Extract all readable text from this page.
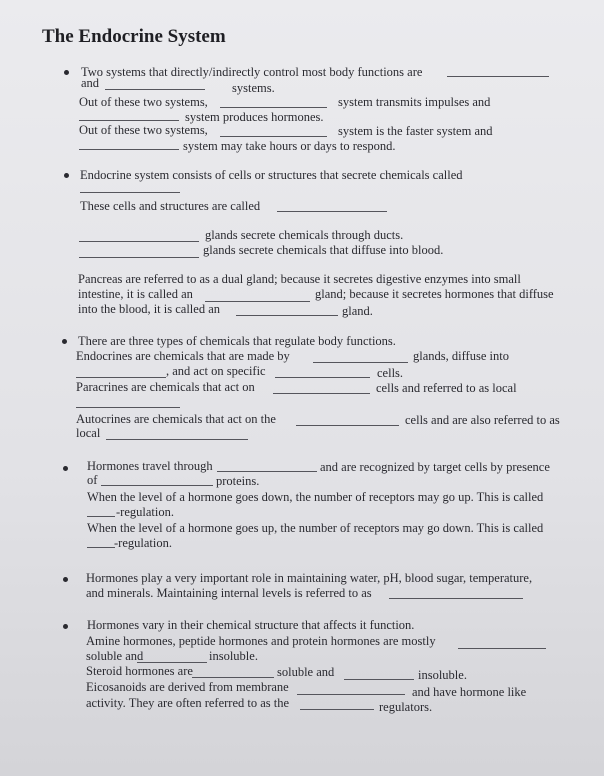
The Endocrine System
Two systems that directly/indirectly control most body functions are
and	systems.
Out of these two systems,	system transmits impulses and
system produces hormones.
Out of these two systems,	system is the faster system and
system may take hours or days to respond.
Endocrine system consists of cells or structures that secrete chemicals called
These cells and structures are called
glands secrete chemicals through ducts.
glands secrete chemicals that diffuse into blood.
Pancreas are referred to as a dual gland; because it secretes digestive enzymes into small
intestine, it is called an	gland; because it secretes hormones that diffuse
into the blood, it is called an	gland.
There are three types of chemicals that regulate body functions.
Endocrines are chemicals that are made by	glands, diffuse into
, and act on specific	cells.
Paracrines are chemicals that act on	cells and referred to as local
Autocrines are chemicals that act on the	cells and are also referred to as
local
Hormones travel through	and are recognized by target cells by presence
of	proteins.
When the level of a hormone goes down, the number of receptors may go up. This is called
-regulation.
When the level of a hormone goes up, the number of receptors may go down. This is called
-regulation.
Hormones play a very important role in maintaining water, pH, blood sugar, temperature,
and minerals. Maintaining internal levels is referred to as
Hormones vary in their chemical structure that affects it function.
Amine hormones, peptide hormones and protein hormones are mostly
soluble and	insoluble.
Steroid hormones are	soluble and	insoluble.
Eicosanoids are derived from membrane	and have hormone like
activity. They are often referred to as the	regulators.
